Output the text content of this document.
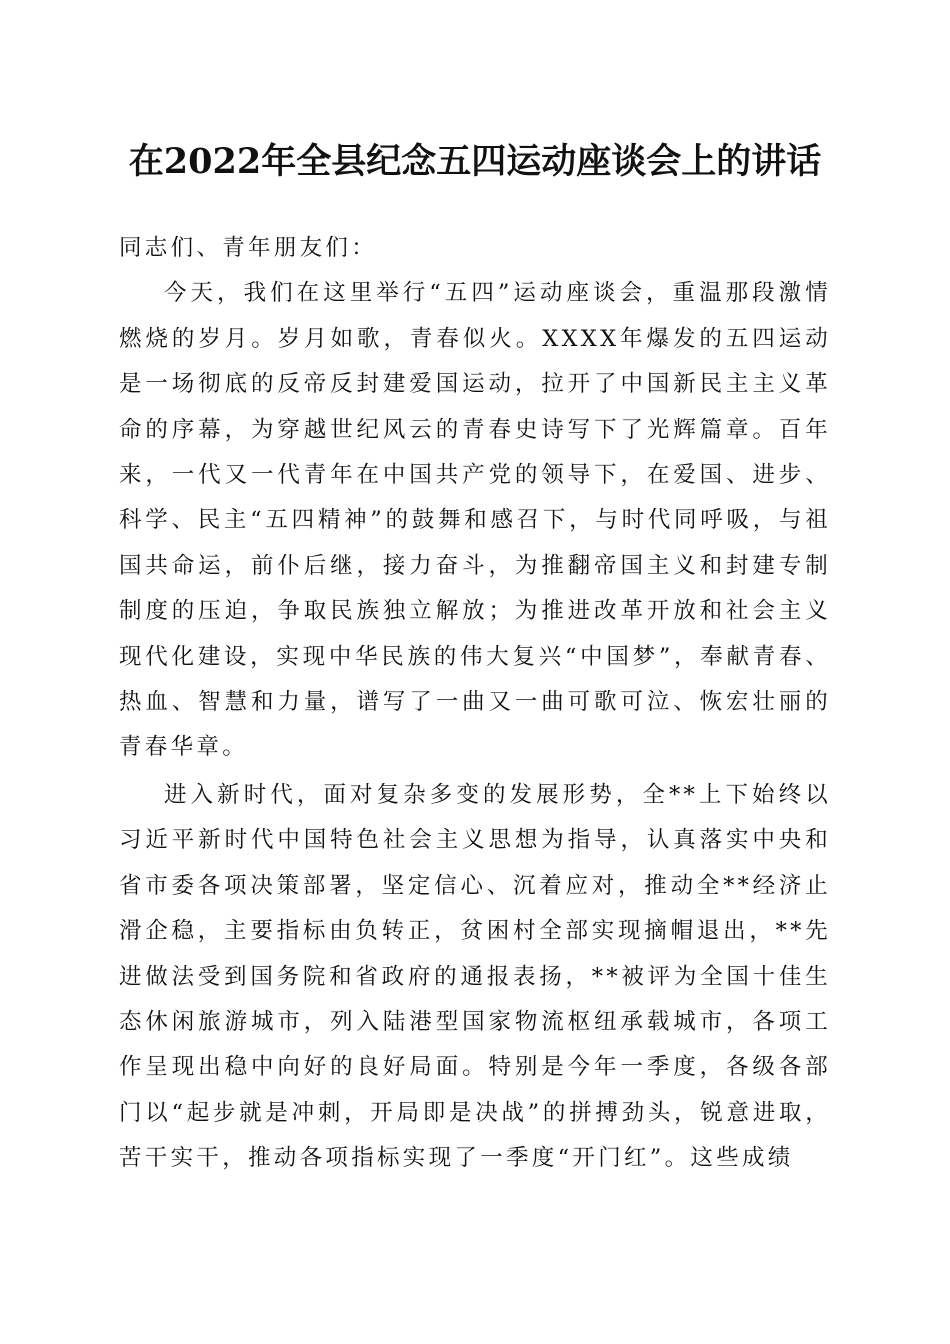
在2022年全县纪念五四运动座谈会上的讲话

同志们、青年朋友们：

今天，我们在这里举行“五四”运动座谈会，重温那段激情燃烧的岁月。岁月如歌，青春似火。XXXX年爆发的五四运动是一场彻底的反帝反封建爱国运动，拉开了中国新民主主义革命的序幕，为穿越世纪风云的青春史诗写下了光辉篇章。百年来，一代又一代青年在中国共产党的领导下，在爱国、进步、科学、民主“五四精神”的鼓舞和感召下，与时代同呼吸，与祖国共命运，前仆后继，接力奋斗，为推翻帝国主义和封建专制制度的压迫，争取民族独立解放；为推进改革开放和社会主义现代化建设，实现中华民族的伟大复兴“中国梦”，奉献青春、热血、智慧和力量，谱写了一曲又一曲可歌可泣、恢宏壮丽的青春华章。

进入新时代，面对复杂多变的发展形势，全**上下始终以习近平新时代中国特色社会主义思想为指导，认真落实中央和省市委各项决策部署，坚定信心、沉着应对，推动全**经济止滑企稳，主要指标由负转正，贫困村全部实现摘帽退出，**先进做法受到国务院和省政府的通报表扬，**被评为全国十佳生态休闲旅游城市，列入陆港型国家物流枢纽承载城市，各项工作呈现出稳中向好的良好局面。特别是今年一季度，各级各部门以“起步就是冲刺，开局即是决战”的拼搏劲头，锐意进取，苦干实干，推动各项指标实现了一季度“开门红”。这些成绩
